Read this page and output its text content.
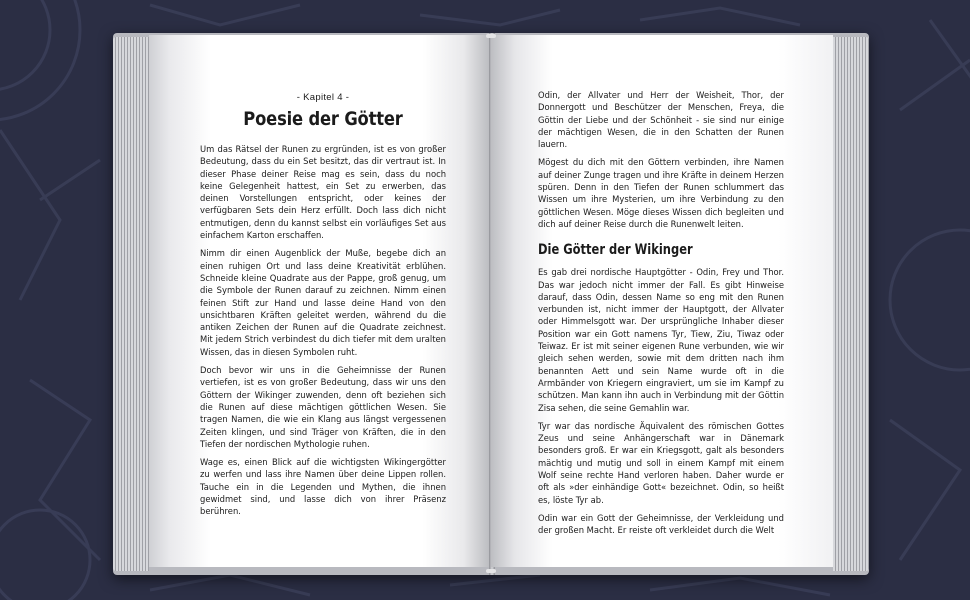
- Kapitel 4 -
Poesie der Götter

Um das Rätsel der Runen zu ergründen, ist es von großer Bedeutung, dass du ein Set besitzt, das dir vertraut ist. In dieser Phase deiner Reise mag es sein, dass du noch keine Gelegenheit hattest, ein Set zu erwerben, das deinen Vorstellungen entspricht, oder keines der verfügbaren Sets dein Herz erfüllt. Doch lass dich nicht entmutigen, denn du kannst selbst ein vorläufiges Set aus einfachem Karton erschaffen.

Nimm dir einen Augenblick der Muße, begebe dich an einen ruhigen Ort und lass deine Kreativität erblühen. Schneide kleine Quadrate aus der Pappe, groß genug, um die Symbole der Runen darauf zu zeichnen. Nimm einen feinen Stift zur Hand und lasse deine Hand von den unsichtbaren Kräften geleitet werden, während du die antiken Zeichen der Runen auf die Quadrate zeichnest. Mit jedem Strich verbindest du dich tiefer mit dem uralten Wissen, das in diesen Symbolen ruht.

Doch bevor wir uns in die Geheimnisse der Runen vertiefen, ist es von großer Bedeutung, dass wir uns den Göttern der Wikinger zuwenden, denn oft beziehen sich die Runen auf diese mächtigen göttlichen Wesen. Sie tragen Namen, die wie ein Klang aus längst vergessenen Zeiten klingen, und sind Träger von Kräften, die in den Tiefen der nordischen Mythologie ruhen.

Wage es, einen Blick auf die wichtigsten Wikingergötter zu werfen und lass ihre Namen über deine Lippen rollen. Tauche ein in die Legenden und Mythen, die ihnen gewidmet sind, und lasse dich von ihrer Präsenz berühren.

Odin, der Allvater und Herr der Weisheit, Thor, der Donnergott und Beschützer der Menschen, Freya, die Göttin der Liebe und der Schönheit - sie sind nur einige der mächtigen Wesen, die in den Schatten der Runen lauern.

Mögest du dich mit den Göttern verbinden, ihre Namen auf deiner Zunge tragen und ihre Kräfte in deinem Herzen spüren. Denn in den Tiefen der Runen schlummert das Wissen um ihre Mysterien, um ihre Verbindung zu den göttlichen Wesen. Möge dieses Wissen dich begleiten und dich auf deiner Reise durch die Runenwelt leiten.

Die Götter der Wikinger

Es gab drei nordische Hauptgötter - Odin, Frey und Thor. Das war jedoch nicht immer der Fall. Es gibt Hinweise darauf, dass Odin, dessen Name so eng mit den Runen verbunden ist, nicht immer der Hauptgott, der Allvater oder Himmelsgott war. Der ursprüngliche Inhaber dieser Position war ein Gott namens Tyr, Tiew, Ziu, Tiwaz oder Teiwaz. Er ist mit seiner eigenen Rune verbunden, wie wir gleich sehen werden, sowie mit dem dritten nach ihm benannten Aett und sein Name wurde oft in die Armbänder von Kriegern eingraviert, um sie im Kampf zu schützen. Man kann ihn auch in Verbindung mit der Göttin Zisa sehen, die seine Gemahlin war.

Tyr war das nordische Äquivalent des römischen Gottes Zeus und seine Anhängerschaft war in Dänemark besonders groß. Er war ein Kriegsgott, galt als besonders mächtig und mutig und soll in einem Kampf mit einem Wolf seine rechte Hand verloren haben. Daher wurde er oft als »der einhändige Gott« bezeichnet. Odin, so heißt es, löste Tyr ab.

Odin war ein Gott der Geheimnisse, der Verkleidung und der großen Macht. Er reiste oft verkleidet durch die Welt
